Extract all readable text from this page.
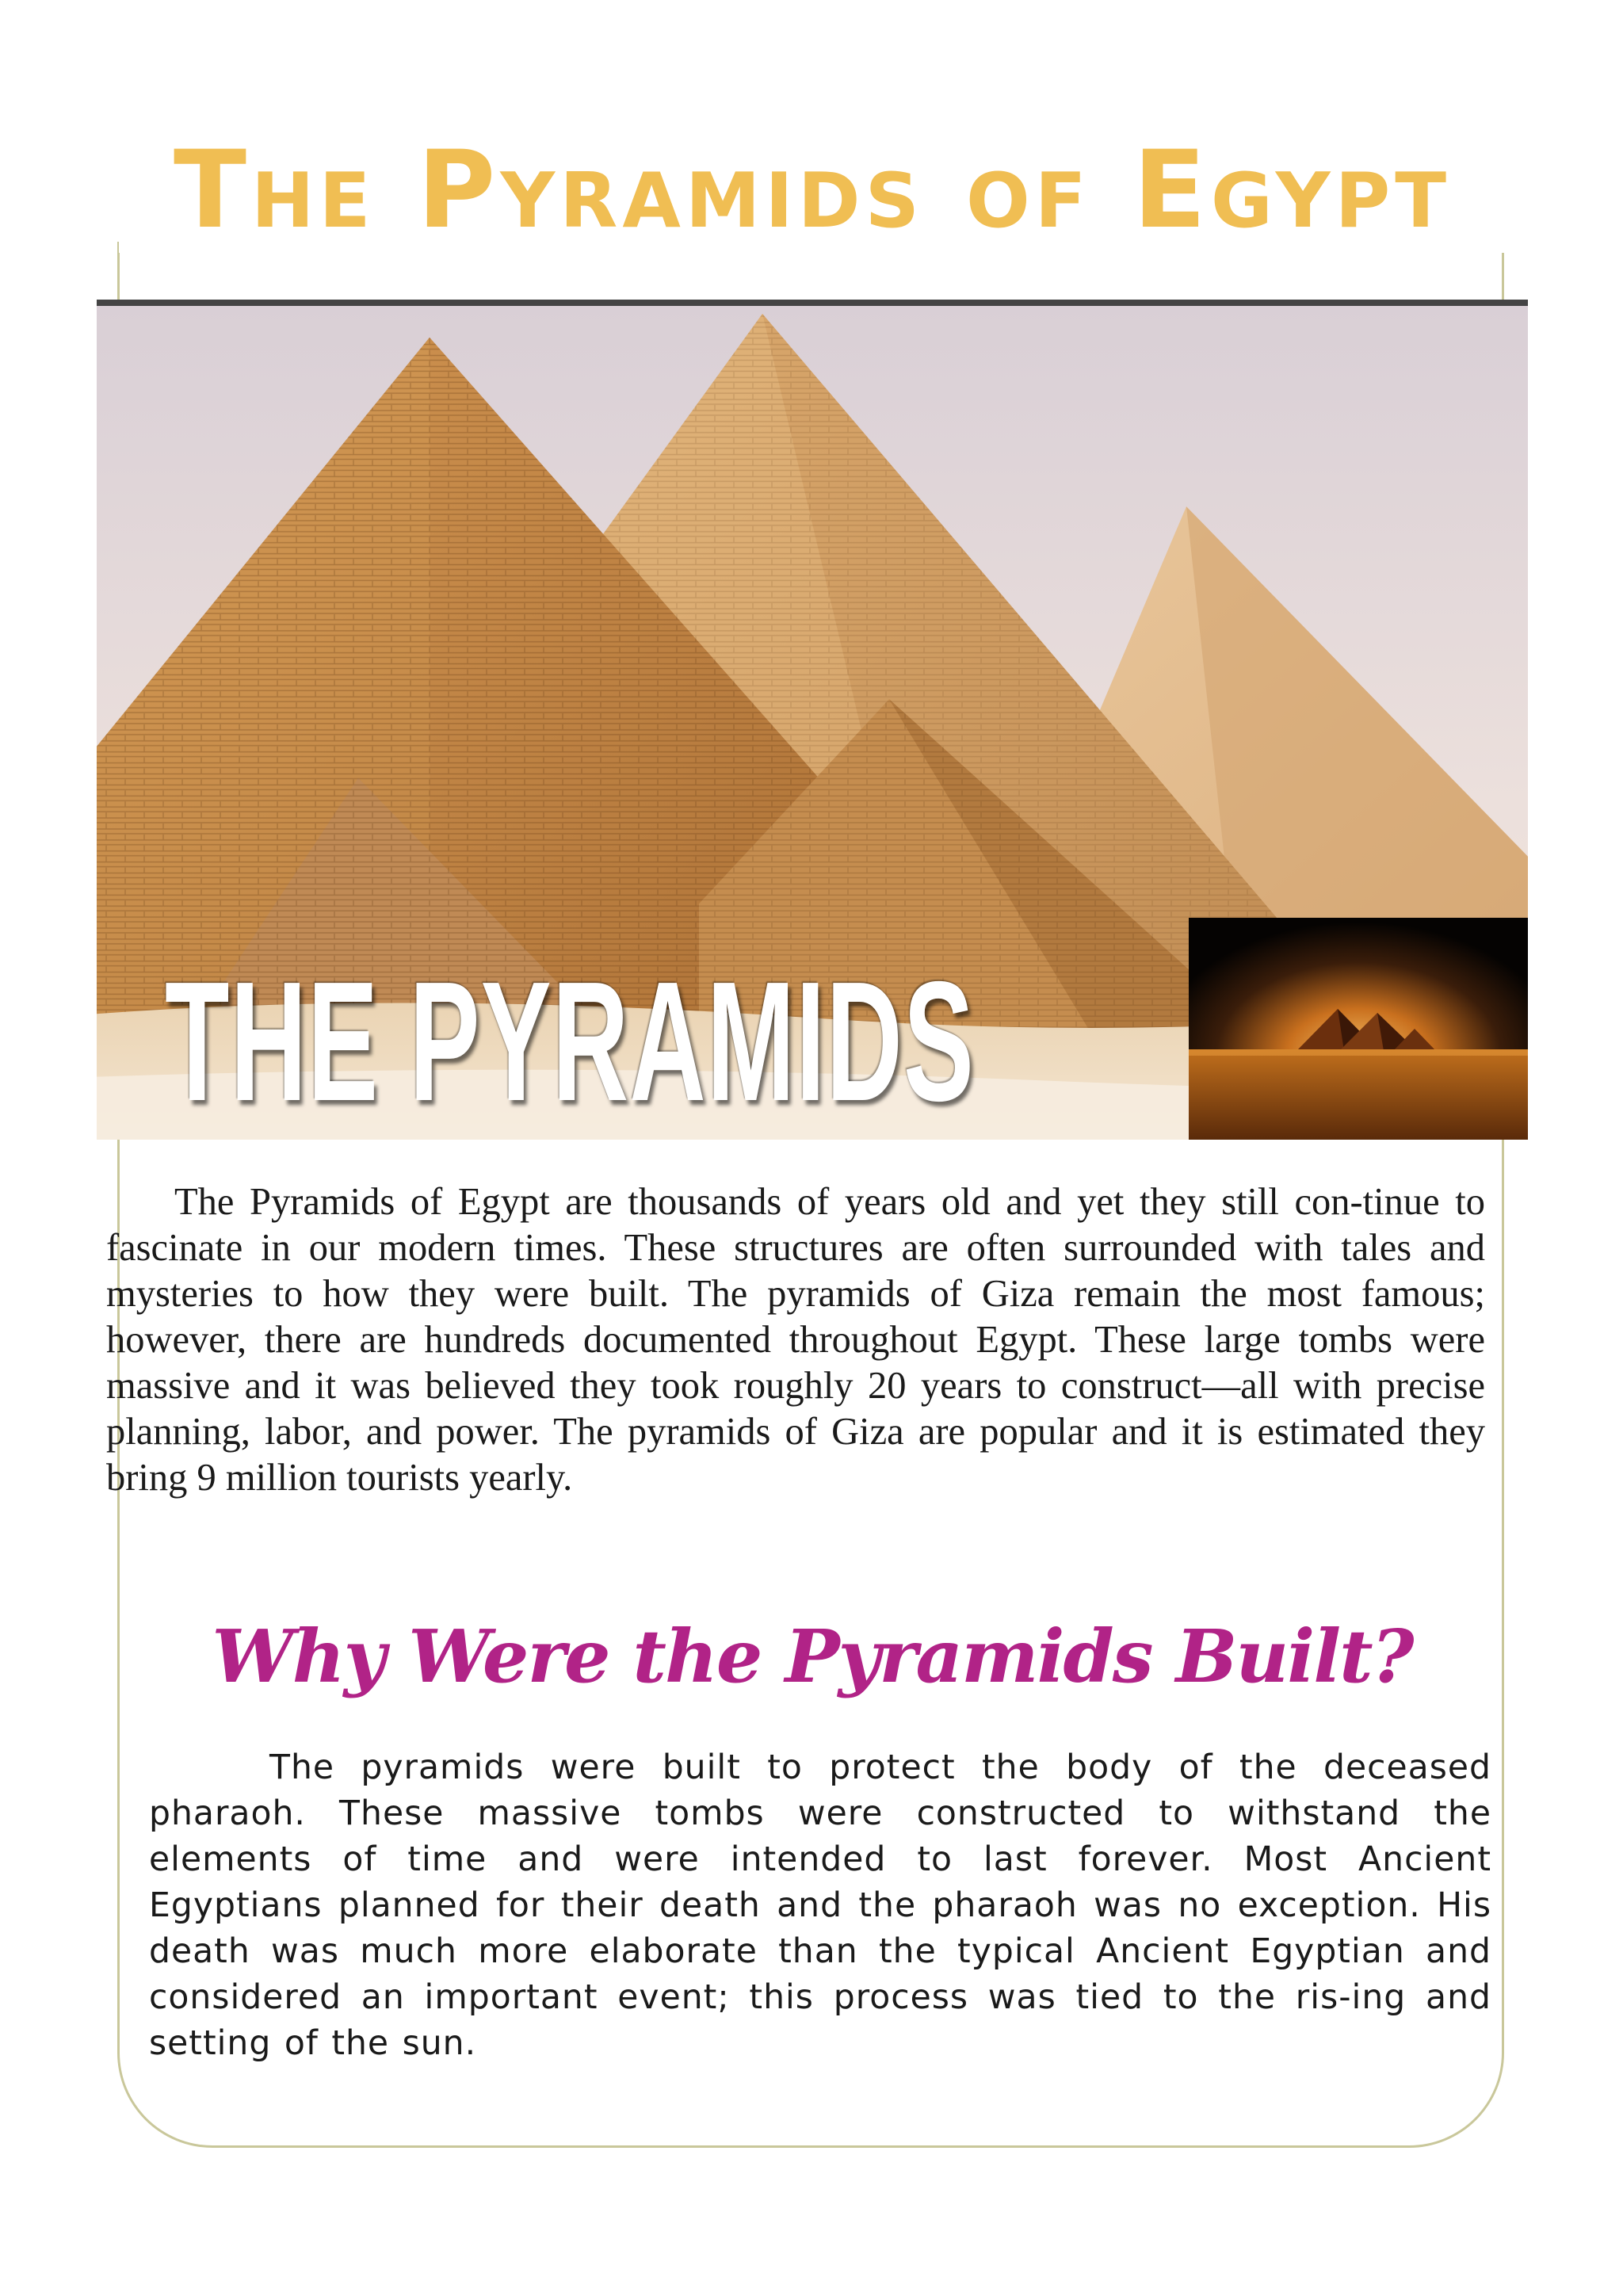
The Pyramids of Egypt
THE PYRAMIDS

The Pyramids of Egypt are thousands of years old and yet they still con-tinue to fascinate in our modern times. These structures are often surrounded with tales and mysteries to how they were built. The pyramids of Giza remain the most famous; however, there are hundreds documented throughout Egypt. These large tombs were massive and it was believed they took roughly 20 years to construct—all with precise planning, labor, and power. The pyramids of Giza are popular and it is estimated they bring 9 million tourists yearly.

Why Were the Pyramids Built?

The pyramids were built to protect the body of the deceased pharaoh. These massive tombs were constructed to withstand the elements of time and were intended to last forever. Most Ancient Egyptians planned for their death and the pharaoh was no exception. His death was much more elaborate than the typical Ancient Egyptian and considered an important event; this process was tied to the ris-ing and setting of the sun.
